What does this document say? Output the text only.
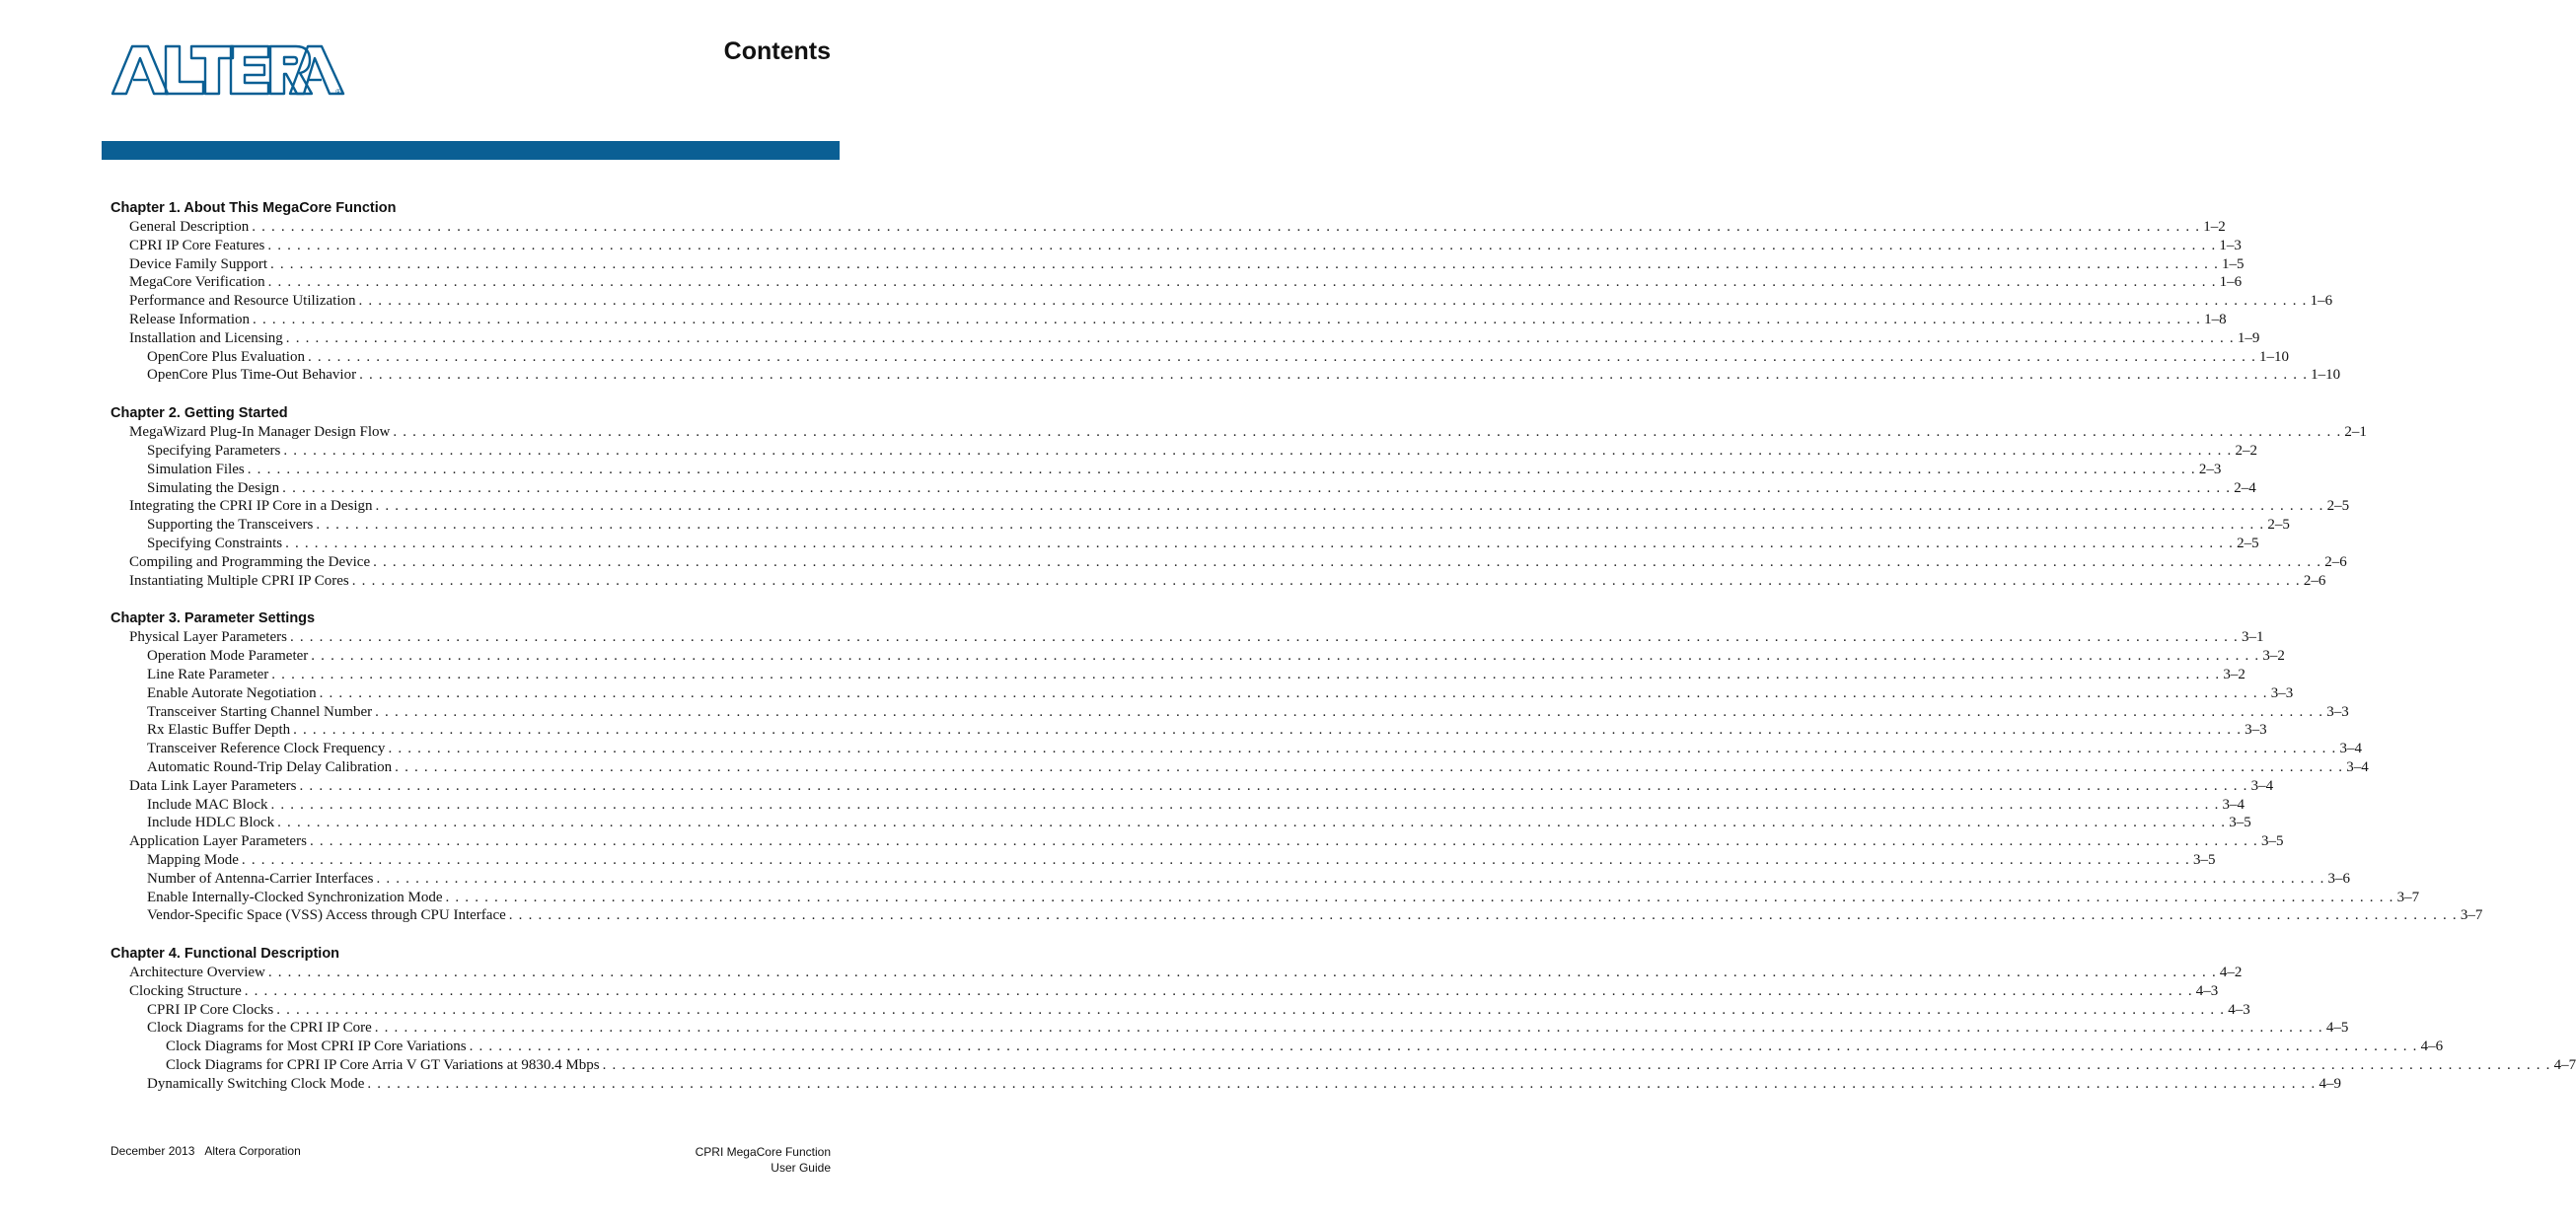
®
Contents
Chapter 1. About This MegaCore Function
General Description . . . . . . . . . . . . . . . . . . . . . . . . . . . . . . . . . . . . . . . . . . . . . . . . . . . . . . . . . . . . . . . . . . . . . . . . . . . . . . . . . . . . . . . . . . . . . . . . . . . . . . . . . . . . . . . . . . . . . . . . . . . . . . . . . . . . . . . . . . . . . . . . . . . . . . . . . . . . . . . . . . . . . . . . . . . . . . . . . . . . . . . . . . . . . . . . . . . . . . . . 1–2
CPRI IP Core Features . . . . . . . . . . . . . . . . . . . . . . . . . . . . . . . . . . . . . . . . . . . . . . . . . . . . . . . . . . . . . . . . . . . . . . . . . . . . . . . . . . . . . . . . . . . . . . . . . . . . . . . . . . . . . . . . . . . . . . . . . . . . . . . . . . . . . . . . . . . . . . . . . . . . . . . . . . . . . . . . . . . . . . . . . . . . . . . . . . . . . . . . . . . . . . . . . . . . . . . . 1–3
Device Family Support . . . . . . . . . . . . . . . . . . . . . . . . . . . . . . . . . . . . . . . . . . . . . . . . . . . . . . . . . . . . . . . . . . . . . . . . . . . . . . . . . . . . . . . . . . . . . . . . . . . . . . . . . . . . . . . . . . . . . . . . . . . . . . . . . . . . . . . . . . . . . . . . . . . . . . . . . . . . . . . . . . . . . . . . . . . . . . . . . . . . . . . . . . . . . . . . . . . . . . . . 1–5
MegaCore Verification . . . . . . . . . . . . . . . . . . . . . . . . . . . . . . . . . . . . . . . . . . . . . . . . . . . . . . . . . . . . . . . . . . . . . . . . . . . . . . . . . . . . . . . . . . . . . . . . . . . . . . . . . . . . . . . . . . . . . . . . . . . . . . . . . . . . . . . . . . . . . . . . . . . . . . . . . . . . . . . . . . . . . . . . . . . . . . . . . . . . . . . . . . . . . . . . . . . . . . . . 1–6
Performance and Resource Utilization . . . . . . . . . . . . . . . . . . . . . . . . . . . . . . . . . . . . . . . . . . . . . . . . . . . . . . . . . . . . . . . . . . . . . . . . . . . . . . . . . . . . . . . . . . . . . . . . . . . . . . . . . . . . . . . . . . . . . . . . . . . . . . . . . . . . . . . . . . . . . . . . . . . . . . . . . . . . . . . . . . . . . . . . . . . . . . . . . . . . . . . . . . . . . . . . . . . . . . . . 1–6
Release Information . . . . . . . . . . . . . . . . . . . . . . . . . . . . . . . . . . . . . . . . . . . . . . . . . . . . . . . . . . . . . . . . . . . . . . . . . . . . . . . . . . . . . . . . . . . . . . . . . . . . . . . . . . . . . . . . . . . . . . . . . . . . . . . . . . . . . . . . . . . . . . . . . . . . . . . . . . . . . . . . . . . . . . . . . . . . . . . . . . . . . . . . . . . . . . . . . . . . . . . . 1–8
Installation and Licensing . . . . . . . . . . . . . . . . . . . . . . . . . . . . . . . . . . . . . . . . . . . . . . . . . . . . . . . . . . . . . . . . . . . . . . . . . . . . . . . . . . . . . . . . . . . . . . . . . . . . . . . . . . . . . . . . . . . . . . . . . . . . . . . . . . . . . . . . . . . . . . . . . . . . . . . . . . . . . . . . . . . . . . . . . . . . . . . . . . . . . . . . . . . . . . . . . . . . . . . . 1–9
OpenCore Plus Evaluation . . . . . . . . . . . . . . . . . . . . . . . . . . . . . . . . . . . . . . . . . . . . . . . . . . . . . . . . . . . . . . . . . . . . . . . . . . . . . . . . . . . . . . . . . . . . . . . . . . . . . . . . . . . . . . . . . . . . . . . . . . . . . . . . . . . . . . . . . . . . . . . . . . . . . . . . . . . . . . . . . . . . . . . . . . . . . . . . . . . . . . . . . . . . . . . . . . . . . . . . 1–10
OpenCore Plus Time-Out Behavior . . . . . . . . . . . . . . . . . . . . . . . . . . . . . . . . . . . . . . . . . . . . . . . . . . . . . . . . . . . . . . . . . . . . . . . . . . . . . . . . . . . . . . . . . . . . . . . . . . . . . . . . . . . . . . . . . . . . . . . . . . . . . . . . . . . . . . . . . . . . . . . . . . . . . . . . . . . . . . . . . . . . . . . . . . . . . . . . . . . . . . . . . . . . . . . . . . . . . . . . 1–10
Chapter 2. Getting Started
MegaWizard Plug-In Manager Design Flow . . . . . . . . . . . . . . . . . . . . . . . . . . . . . . . . . . . . . . . . . . . . . . . . . . . . . . . . . . . . . . . . . . . . . . . . . . . . . . . . . . . . . . . . . . . . . . . . . . . . . . . . . . . . . . . . . . . . . . . . . . . . . . . . . . . . . . . . . . . . . . . . . . . . . . . . . . . . . . . . . . . . . . . . . . . . . . . . . . . . . . . . . . . . . . . . . . . . . . . . 2–1
Specifying Parameters . . . . . . . . . . . . . . . . . . . . . . . . . . . . . . . . . . . . . . . . . . . . . . . . . . . . . . . . . . . . . . . . . . . . . . . . . . . . . . . . . . . . . . . . . . . . . . . . . . . . . . . . . . . . . . . . . . . . . . . . . . . . . . . . . . . . . . . . . . . . . . . . . . . . . . . . . . . . . . . . . . . . . . . . . . . . . . . . . . . . . . . . . . . . . . . . . . . . . . . . 2–2
Simulation Files . . . . . . . . . . . . . . . . . . . . . . . . . . . . . . . . . . . . . . . . . . . . . . . . . . . . . . . . . . . . . . . . . . . . . . . . . . . . . . . . . . . . . . . . . . . . . . . . . . . . . . . . . . . . . . . . . . . . . . . . . . . . . . . . . . . . . . . . . . . . . . . . . . . . . . . . . . . . . . . . . . . . . . . . . . . . . . . . . . . . . . . . . . . . . . . . . . . . . . . . 2–3
Simulating the Design . . . . . . . . . . . . . . . . . . . . . . . . . . . . . . . . . . . . . . . . . . . . . . . . . . . . . . . . . . . . . . . . . . . . . . . . . . . . . . . . . . . . . . . . . . . . . . . . . . . . . . . . . . . . . . . . . . . . . . . . . . . . . . . . . . . . . . . . . . . . . . . . . . . . . . . . . . . . . . . . . . . . . . . . . . . . . . . . . . . . . . . . . . . . . . . . . . . . . . . . 2–4
Integrating the CPRI IP Core in a Design . . . . . . . . . . . . . . . . . . . . . . . . . . . . . . . . . . . . . . . . . . . . . . . . . . . . . . . . . . . . . . . . . . . . . . . . . . . . . . . . . . . . . . . . . . . . . . . . . . . . . . . . . . . . . . . . . . . . . . . . . . . . . . . . . . . . . . . . . . . . . . . . . . . . . . . . . . . . . . . . . . . . . . . . . . . . . . . . . . . . . . . . . . . . . . . . . . . . . . . . 2–5
Supporting the Transceivers . . . . . . . . . . . . . . . . . . . . . . . . . . . . . . . . . . . . . . . . . . . . . . . . . . . . . . . . . . . . . . . . . . . . . . . . . . . . . . . . . . . . . . . . . . . . . . . . . . . . . . . . . . . . . . . . . . . . . . . . . . . . . . . . . . . . . . . . . . . . . . . . . . . . . . . . . . . . . . . . . . . . . . . . . . . . . . . . . . . . . . . . . . . . . . . . . . . . . . . . 2–5
Specifying Constraints . . . . . . . . . . . . . . . . . . . . . . . . . . . . . . . . . . . . . . . . . . . . . . . . . . . . . . . . . . . . . . . . . . . . . . . . . . . . . . . . . . . . . . . . . . . . . . . . . . . . . . . . . . . . . . . . . . . . . . . . . . . . . . . . . . . . . . . . . . . . . . . . . . . . . . . . . . . . . . . . . . . . . . . . . . . . . . . . . . . . . . . . . . . . . . . . . . . . . . . . 2–5
Compiling and Programming the Device . . . . . . . . . . . . . . . . . . . . . . . . . . . . . . . . . . . . . . . . . . . . . . . . . . . . . . . . . . . . . . . . . . . . . . . . . . . . . . . . . . . . . . . . . . . . . . . . . . . . . . . . . . . . . . . . . . . . . . . . . . . . . . . . . . . . . . . . . . . . . . . . . . . . . . . . . . . . . . . . . . . . . . . . . . . . . . . . . . . . . . . . . . . . . . . . . . . . . . . . 2–6
Instantiating Multiple CPRI IP Cores . . . . . . . . . . . . . . . . . . . . . . . . . . . . . . . . . . . . . . . . . . . . . . . . . . . . . . . . . . . . . . . . . . . . . . . . . . . . . . . . . . . . . . . . . . . . . . . . . . . . . . . . . . . . . . . . . . . . . . . . . . . . . . . . . . . . . . . . . . . . . . . . . . . . . . . . . . . . . . . . . . . . . . . . . . . . . . . . . . . . . . . . . . . . . . . . . . . . . . . . 2–6
Chapter 3. Parameter Settings
Physical Layer Parameters . . . . . . . . . . . . . . . . . . . . . . . . . . . . . . . . . . . . . . . . . . . . . . . . . . . . . . . . . . . . . . . . . . . . . . . . . . . . . . . . . . . . . . . . . . . . . . . . . . . . . . . . . . . . . . . . . . . . . . . . . . . . . . . . . . . . . . . . . . . . . . . . . . . . . . . . . . . . . . . . . . . . . . . . . . . . . . . . . . . . . . . . . . . . . . . . . . . . . . . . 3–1
Operation Mode Parameter . . . . . . . . . . . . . . . . . . . . . . . . . . . . . . . . . . . . . . . . . . . . . . . . . . . . . . . . . . . . . . . . . . . . . . . . . . . . . . . . . . . . . . . . . . . . . . . . . . . . . . . . . . . . . . . . . . . . . . . . . . . . . . . . . . . . . . . . . . . . . . . . . . . . . . . . . . . . . . . . . . . . . . . . . . . . . . . . . . . . . . . . . . . . . . . . . . . . . . . . 3–2
Line Rate Parameter . . . . . . . . . . . . . . . . . . . . . . . . . . . . . . . . . . . . . . . . . . . . . . . . . . . . . . . . . . . . . . . . . . . . . . . . . . . . . . . . . . . . . . . . . . . . . . . . . . . . . . . . . . . . . . . . . . . . . . . . . . . . . . . . . . . . . . . . . . . . . . . . . . . . . . . . . . . . . . . . . . . . . . . . . . . . . . . . . . . . . . . . . . . . . . . . . . . . . . . . 3–2
Enable Autorate Negotiation . . . . . . . . . . . . . . . . . . . . . . . . . . . . . . . . . . . . . . . . . . . . . . . . . . . . . . . . . . . . . . . . . . . . . . . . . . . . . . . . . . . . . . . . . . . . . . . . . . . . . . . . . . . . . . . . . . . . . . . . . . . . . . . . . . . . . . . . . . . . . . . . . . . . . . . . . . . . . . . . . . . . . . . . . . . . . . . . . . . . . . . . . . . . . . . . . . . . . . . . 3–3
Transceiver Starting Channel Number . . . . . . . . . . . . . . . . . . . . . . . . . . . . . . . . . . . . . . . . . . . . . . . . . . . . . . . . . . . . . . . . . . . . . . . . . . . . . . . . . . . . . . . . . . . . . . . . . . . . . . . . . . . . . . . . . . . . . . . . . . . . . . . . . . . . . . . . . . . . . . . . . . . . . . . . . . . . . . . . . . . . . . . . . . . . . . . . . . . . . . . . . . . . . . . . . . . . . . . . 3–3
Rx Elastic Buffer Depth . . . . . . . . . . . . . . . . . . . . . . . . . . . . . . . . . . . . . . . . . . . . . . . . . . . . . . . . . . . . . . . . . . . . . . . . . . . . . . . . . . . . . . . . . . . . . . . . . . . . . . . . . . . . . . . . . . . . . . . . . . . . . . . . . . . . . . . . . . . . . . . . . . . . . . . . . . . . . . . . . . . . . . . . . . . . . . . . . . . . . . . . . . . . . . . . . . . . . . . . 3–3
Transceiver Reference Clock Frequency . . . . . . . . . . . . . . . . . . . . . . . . . . . . . . . . . . . . . . . . . . . . . . . . . . . . . . . . . . . . . . . . . . . . . . . . . . . . . . . . . . . . . . . . . . . . . . . . . . . . . . . . . . . . . . . . . . . . . . . . . . . . . . . . . . . . . . . . . . . . . . . . . . . . . . . . . . . . . . . . . . . . . . . . . . . . . . . . . . . . . . . . . . . . . . . . . . . . . . . . 3–4
Automatic Round-Trip Delay Calibration . . . . . . . . . . . . . . . . . . . . . . . . . . . . . . . . . . . . . . . . . . . . . . . . . . . . . . . . . . . . . . . . . . . . . . . . . . . . . . . . . . . . . . . . . . . . . . . . . . . . . . . . . . . . . . . . . . . . . . . . . . . . . . . . . . . . . . . . . . . . . . . . . . . . . . . . . . . . . . . . . . . . . . . . . . . . . . . . . . . . . . . . . . . . . . . . . . . . . . . . 3–4
Data Link Layer Parameters . . . . . . . . . . . . . . . . . . . . . . . . . . . . . . . . . . . . . . . . . . . . . . . . . . . . . . . . . . . . . . . . . . . . . . . . . . . . . . . . . . . . . . . . . . . . . . . . . . . . . . . . . . . . . . . . . . . . . . . . . . . . . . . . . . . . . . . . . . . . . . . . . . . . . . . . . . . . . . . . . . . . . . . . . . . . . . . . . . . . . . . . . . . . . . . . . . . . . . . . 3–4
Include MAC Block . . . . . . . . . . . . . . . . . . . . . . . . . . . . . . . . . . . . . . . . . . . . . . . . . . . . . . . . . . . . . . . . . . . . . . . . . . . . . . . . . . . . . . . . . . . . . . . . . . . . . . . . . . . . . . . . . . . . . . . . . . . . . . . . . . . . . . . . . . . . . . . . . . . . . . . . . . . . . . . . . . . . . . . . . . . . . . . . . . . . . . . . . . . . . . . . . . . . . . . . 3–4
Include HDLC Block . . . . . . . . . . . . . . . . . . . . . . . . . . . . . . . . . . . . . . . . . . . . . . . . . . . . . . . . . . . . . . . . . . . . . . . . . . . . . . . . . . . . . . . . . . . . . . . . . . . . . . . . . . . . . . . . . . . . . . . . . . . . . . . . . . . . . . . . . . . . . . . . . . . . . . . . . . . . . . . . . . . . . . . . . . . . . . . . . . . . . . . . . . . . . . . . . . . . . . . . 3–5
Application Layer Parameters . . . . . . . . . . . . . . . . . . . . . . . . . . . . . . . . . . . . . . . . . . . . . . . . . . . . . . . . . . . . . . . . . . . . . . . . . . . . . . . . . . . . . . . . . . . . . . . . . . . . . . . . . . . . . . . . . . . . . . . . . . . . . . . . . . . . . . . . . . . . . . . . . . . . . . . . . . . . . . . . . . . . . . . . . . . . . . . . . . . . . . . . . . . . . . . . . . . . . . . . 3–5
Mapping Mode . . . . . . . . . . . . . . . . . . . . . . . . . . . . . . . . . . . . . . . . . . . . . . . . . . . . . . . . . . . . . . . . . . . . . . . . . . . . . . . . . . . . . . . . . . . . . . . . . . . . . . . . . . . . . . . . . . . . . . . . . . . . . . . . . . . . . . . . . . . . . . . . . . . . . . . . . . . . . . . . . . . . . . . . . . . . . . . . . . . . . . . . . . . . . . . . . . . . . . . . 3–5
Number of Antenna-Carrier Interfaces . . . . . . . . . . . . . . . . . . . . . . . . . . . . . . . . . . . . . . . . . . . . . . . . . . . . . . . . . . . . . . . . . . . . . . . . . . . . . . . . . . . . . . . . . . . . . . . . . . . . . . . . . . . . . . . . . . . . . . . . . . . . . . . . . . . . . . . . . . . . . . . . . . . . . . . . . . . . . . . . . . . . . . . . . . . . . . . . . . . . . . . . . . . . . . . . . . . . . . . . 3–6
Enable Internally-Clocked Synchronization Mode . . . . . . . . . . . . . . . . . . . . . . . . . . . . . . . . . . . . . . . . . . . . . . . . . . . . . . . . . . . . . . . . . . . . . . . . . . . . . . . . . . . . . . . . . . . . . . . . . . . . . . . . . . . . . . . . . . . . . . . . . . . . . . . . . . . . . . . . . . . . . . . . . . . . . . . . . . . . . . . . . . . . . . . . . . . . . . . . . . . . . . . . . . . . . . . . . . . . . . . . 3–7
Vendor-Specific Space (VSS) Access through CPU Interface . . . . . . . . . . . . . . . . . . . . . . . . . . . . . . . . . . . . . . . . . . . . . . . . . . . . . . . . . . . . . . . . . . . . . . . . . . . . . . . . . . . . . . . . . . . . . . . . . . . . . . . . . . . . . . . . . . . . . . . . . . . . . . . . . . . . . . . . . . . . . . . . . . . . . . . . . . . . . . . . . . . . . . . . . . . . . . . . . . . . . . . . . . . . . . . . . . . . . . . . 3–7
Chapter 4. Functional Description
Architecture Overview . . . . . . . . . . . . . . . . . . . . . . . . . . . . . . . . . . . . . . . . . . . . . . . . . . . . . . . . . . . . . . . . . . . . . . . . . . . . . . . . . . . . . . . . . . . . . . . . . . . . . . . . . . . . . . . . . . . . . . . . . . . . . . . . . . . . . . . . . . . . . . . . . . . . . . . . . . . . . . . . . . . . . . . . . . . . . . . . . . . . . . . . . . . . . . . . . . . . . . . . 4–2
Clocking Structure . . . . . . . . . . . . . . . . . . . . . . . . . . . . . . . . . . . . . . . . . . . . . . . . . . . . . . . . . . . . . . . . . . . . . . . . . . . . . . . . . . . . . . . . . . . . . . . . . . . . . . . . . . . . . . . . . . . . . . . . . . . . . . . . . . . . . . . . . . . . . . . . . . . . . . . . . . . . . . . . . . . . . . . . . . . . . . . . . . . . . . . . . . . . . . . . . . . . . . . . 4–3
CPRI IP Core Clocks . . . . . . . . . . . . . . . . . . . . . . . . . . . . . . . . . . . . . . . . . . . . . . . . . . . . . . . . . . . . . . . . . . . . . . . . . . . . . . . . . . . . . . . . . . . . . . . . . . . . . . . . . . . . . . . . . . . . . . . . . . . . . . . . . . . . . . . . . . . . . . . . . . . . . . . . . . . . . . . . . . . . . . . . . . . . . . . . . . . . . . . . . . . . . . . . . . . . . . . . 4–3
Clock Diagrams for the CPRI IP Core . . . . . . . . . . . . . . . . . . . . . . . . . . . . . . . . . . . . . . . . . . . . . . . . . . . . . . . . . . . . . . . . . . . . . . . . . . . . . . . . . . . . . . . . . . . . . . . . . . . . . . . . . . . . . . . . . . . . . . . . . . . . . . . . . . . . . . . . . . . . . . . . . . . . . . . . . . . . . . . . . . . . . . . . . . . . . . . . . . . . . . . . . . . . . . . . . . . . . . . . 4–5
Clock Diagrams for Most CPRI IP Core Variations . . . . . . . . . . . . . . . . . . . . . . . . . . . . . . . . . . . . . . . . . . . . . . . . . . . . . . . . . . . . . . . . . . . . . . . . . . . . . . . . . . . . . . . . . . . . . . . . . . . . . . . . . . . . . . . . . . . . . . . . . . . . . . . . . . . . . . . . . . . . . . . . . . . . . . . . . . . . . . . . . . . . . . . . . . . . . . . . . . . . . . . . . . . . . . . . . . . . . . . . 4–6
Clock Diagrams for CPRI IP Core Arria V GT Variations at 9830.4 Mbps . . . . . . . . . . . . . . . . . . . . . . . . . . . . . . . . . . . . . . . . . . . . . . . . . . . . . . . . . . . . . . . . . . . . . . . . . . . . . . . . . . . . . . . . . . . . . . . . . . . . . . . . . . . . . . . . . . . . . . . . . . . . . . . . . . . . . . . . . . . . . . . . . . . . . . . . . . . . . . . . . . . . . . . . . . . . . . . . . . . . . . . . . . . . . . . . . . . . . . . . 4–7
Dynamically Switching Clock Mode . . . . . . . . . . . . . . . . . . . . . . . . . . . . . . . . . . . . . . . . . . . . . . . . . . . . . . . . . . . . . . . . . . . . . . . . . . . . . . . . . . . . . . . . . . . . . . . . . . . . . . . . . . . . . . . . . . . . . . . . . . . . . . . . . . . . . . . . . . . . . . . . . . . . . . . . . . . . . . . . . . . . . . . . . . . . . . . . . . . . . . . . . . . . . . . . . . . . . . . . 4–9
December 2013 Altera Corporation	CPRI MegaCore Function
User Guide
